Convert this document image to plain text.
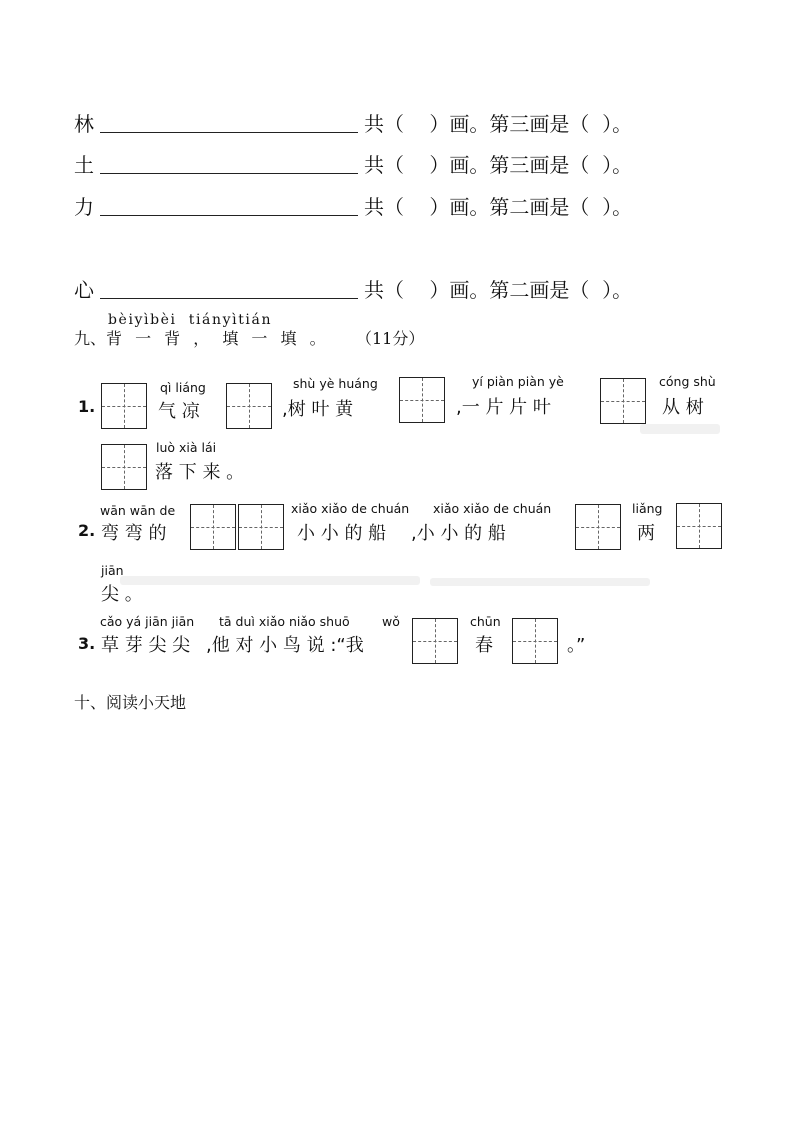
林	共（    ）画。第三画是（  ）。
土	共（    ）画。第三画是（  ）。
力	共（    ）画。第二画是（  ）。
心	共（    ）画。第二画是（  ）。
九、
bèiyìbèi  tiányìtián
背 一 背 ， 填 一 填 。 （11分）
1.
qì liáng
气 凉
shù yè huáng
,树 叶 黄
yí piàn piàn yè
,一 片 片 叶
cóng shù
从 树
luò xià lái
落 下 来 。
2.
wān wān de
弯 弯 的
xiǎo xiǎo de chuán
小 小 的 船
xiǎo xiǎo de chuán
,小 小 的 船
liǎng
两
jiān
尖 。
3.
cǎo yá jiān jiān
草 芽 尖 尖
tā duì xiǎo niǎo shuō
,他 对 小 鸟 说 :“我
wǒ	chūn
春	。”
十、阅读小天地
